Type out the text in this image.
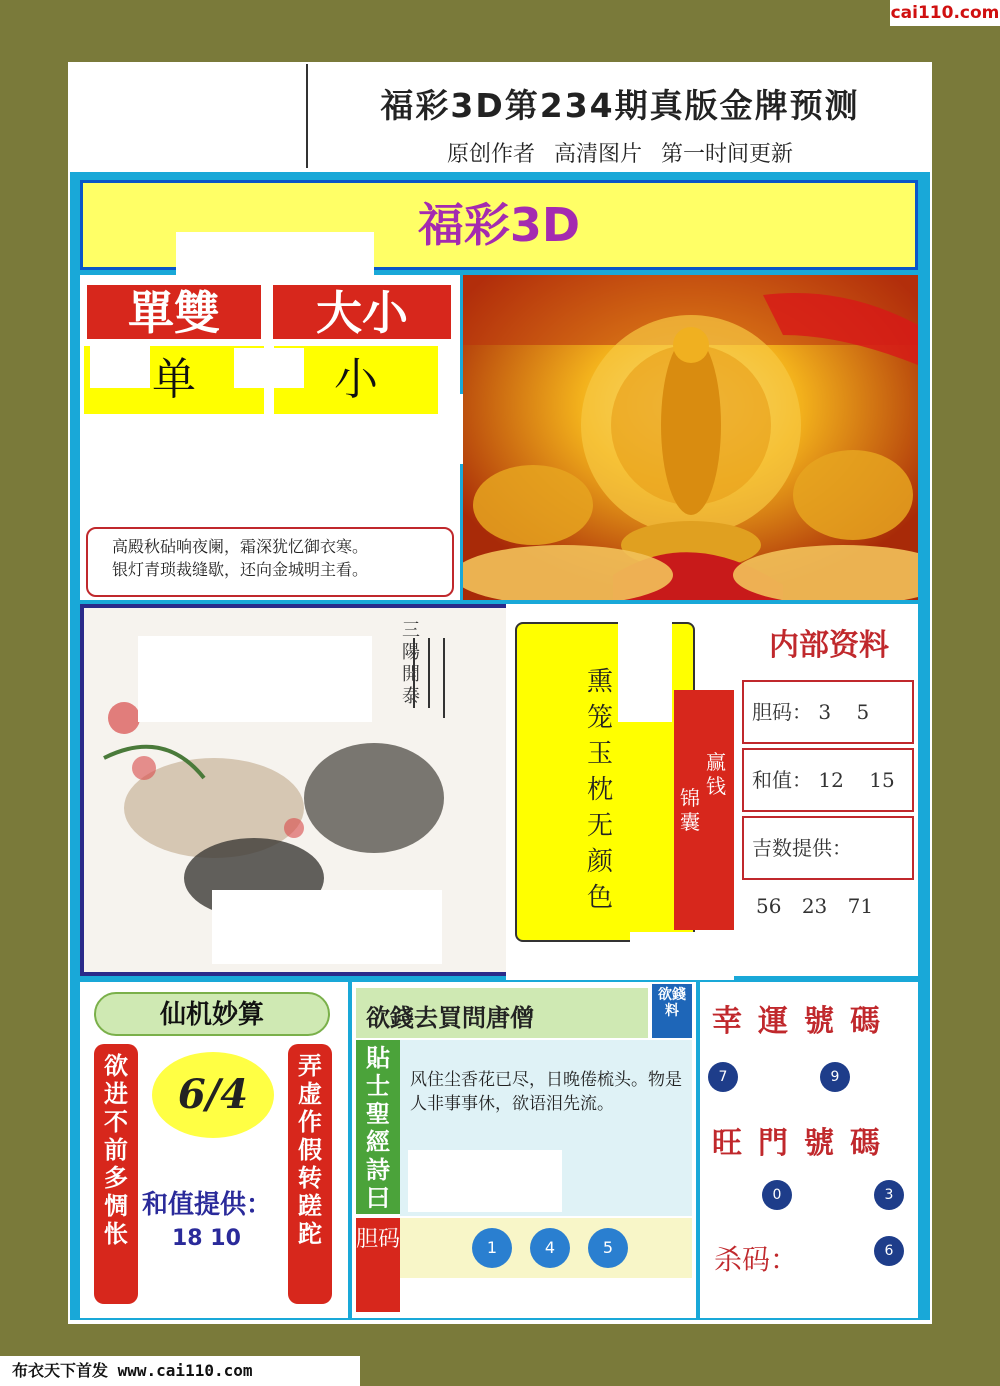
cai110.com
福彩3D第234期真版金牌预测
原创作者 高清图片 第一时间更新
福彩3D
單雙	大小
单	小
高殿秋砧响夜阑，霜深犹忆御衣寒。
银灯青琐裁缝歇，还向金城明主看。
三陽開泰	熏笼玉枕无颜色
锦囊
赢钱
内部资料
胆码： 3 5
和值： 12 15
吉数提供：
56 23 71
仙机妙算
欲进不前多惆怅
弄虚作假转蹉跎
6/4
和值提供：
18 10
欲錢去買問唐僧
欲錢料
貼士聖經詩曰
风住尘香花已尽，日晚倦梳头。物是人非事事休，欲语泪先流。
胆码	1	4	5
幸運號碼
7	9
旺門號碼
0	3
杀码：	6
布衣天下首发 www.cai110.com
